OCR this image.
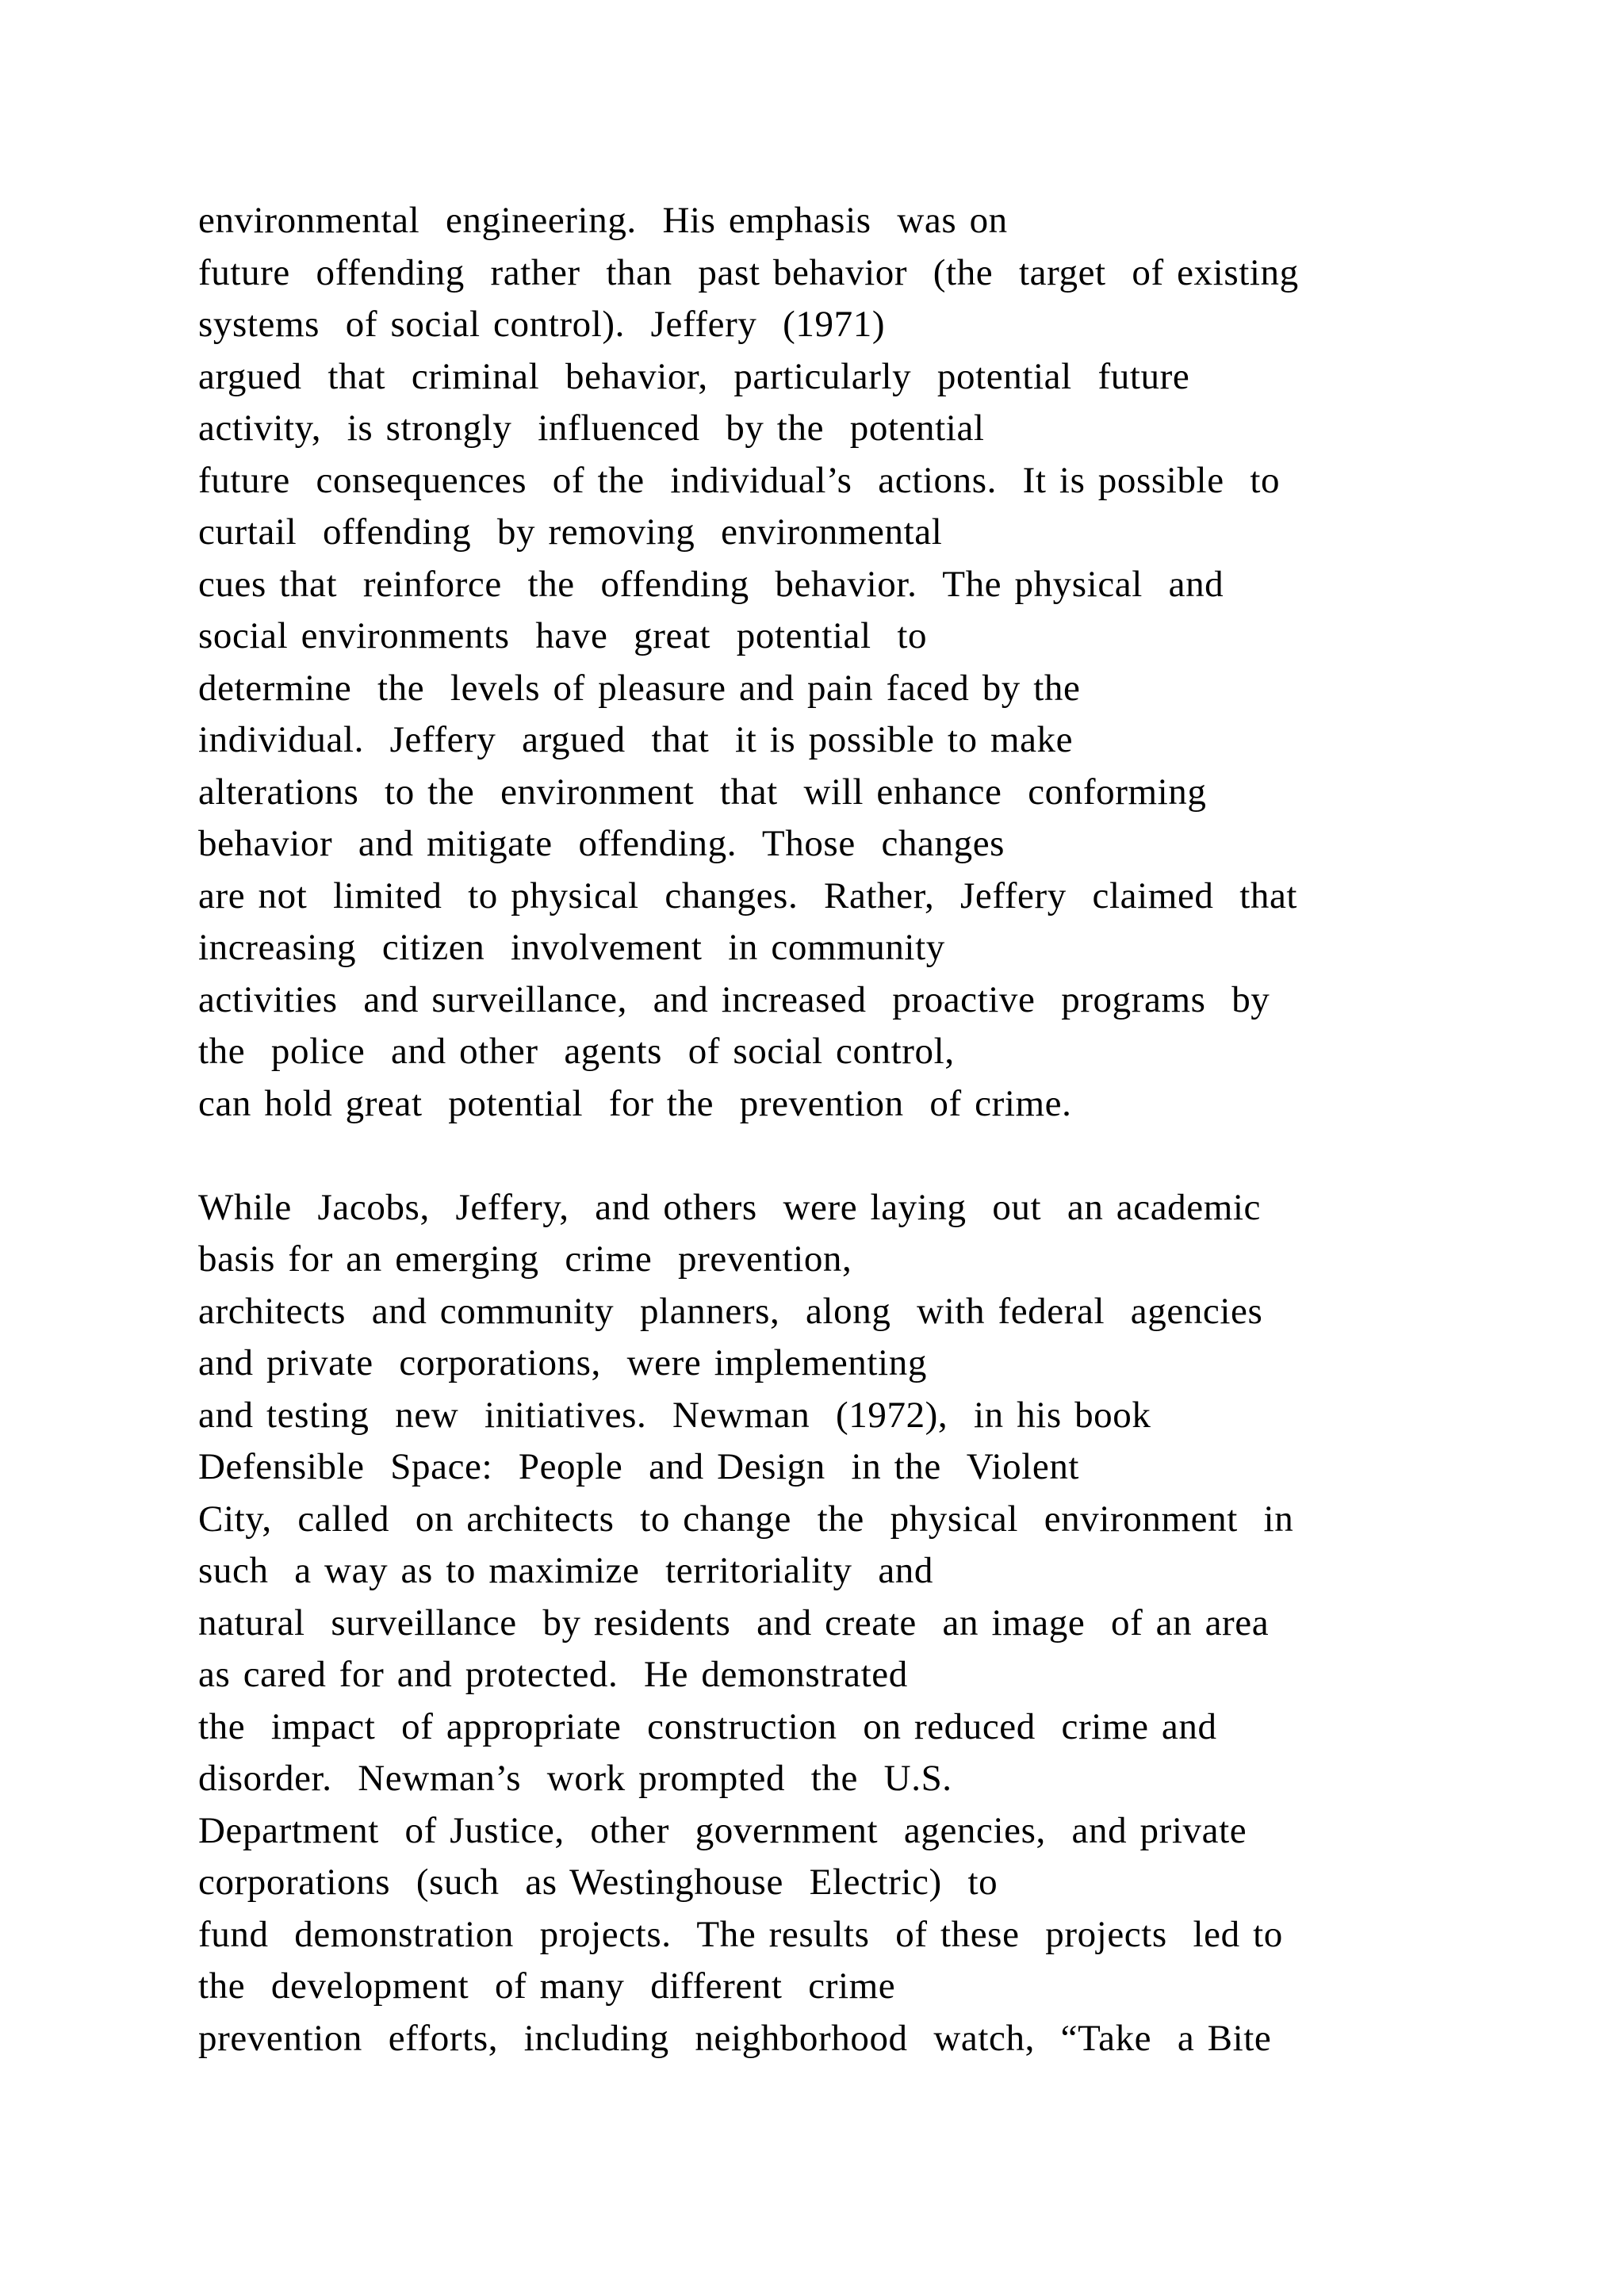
environmental  engineering.  His emphasis  was on
future  offending  rather  than  past behavior  (the  target  of existing
systems  of social control).  Jeffery  (1971)
argued  that  criminal  behavior,  particularly  potential  future
activity,  is strongly  influenced  by the  potential
future  consequences  of the  individual’s  actions.  It is possible  to
curtail  offending  by removing  environmental
cues that  reinforce  the  offending  behavior.  The physical  and
social environments  have  great  potential  to
determine  the  levels of pleasure and pain faced by the
individual.  Jeffery  argued  that  it is possible to make
alterations  to the  environment  that  will enhance  conforming
behavior  and mitigate  offending.  Those  changes
are not  limited  to physical  changes.  Rather,  Jeffery  claimed  that
increasing  citizen  involvement  in community
activities  and surveillance,  and increased  proactive  programs  by
the  police  and other  agents  of social control,
can hold great  potential  for the  prevention  of crime.
While  Jacobs,  Jeffery,  and others  were laying  out  an academic
basis for an emerging  crime  prevention,
architects  and community  planners,  along  with federal  agencies
and private  corporations,  were implementing
and testing  new  initiatives.  Newman  (1972),  in his book
Defensible  Space:  People  and Design  in the  Violent
City,  called  on architects  to change  the  physical  environment  in
such  a way as to maximize  territoriality  and
natural  surveillance  by residents  and create  an image  of an area
as cared for and protected.  He demonstrated
the  impact  of appropriate  construction  on reduced  crime and
disorder.  Newman’s  work prompted  the  U.S.
Department  of Justice,  other  government  agencies,  and private
corporations  (such  as Westinghouse  Electric)  to
fund  demonstration  projects.  The results  of these  projects  led to
the  development  of many  different  crime
prevention  efforts,  including  neighborhood  watch,  “Take  a Bite
